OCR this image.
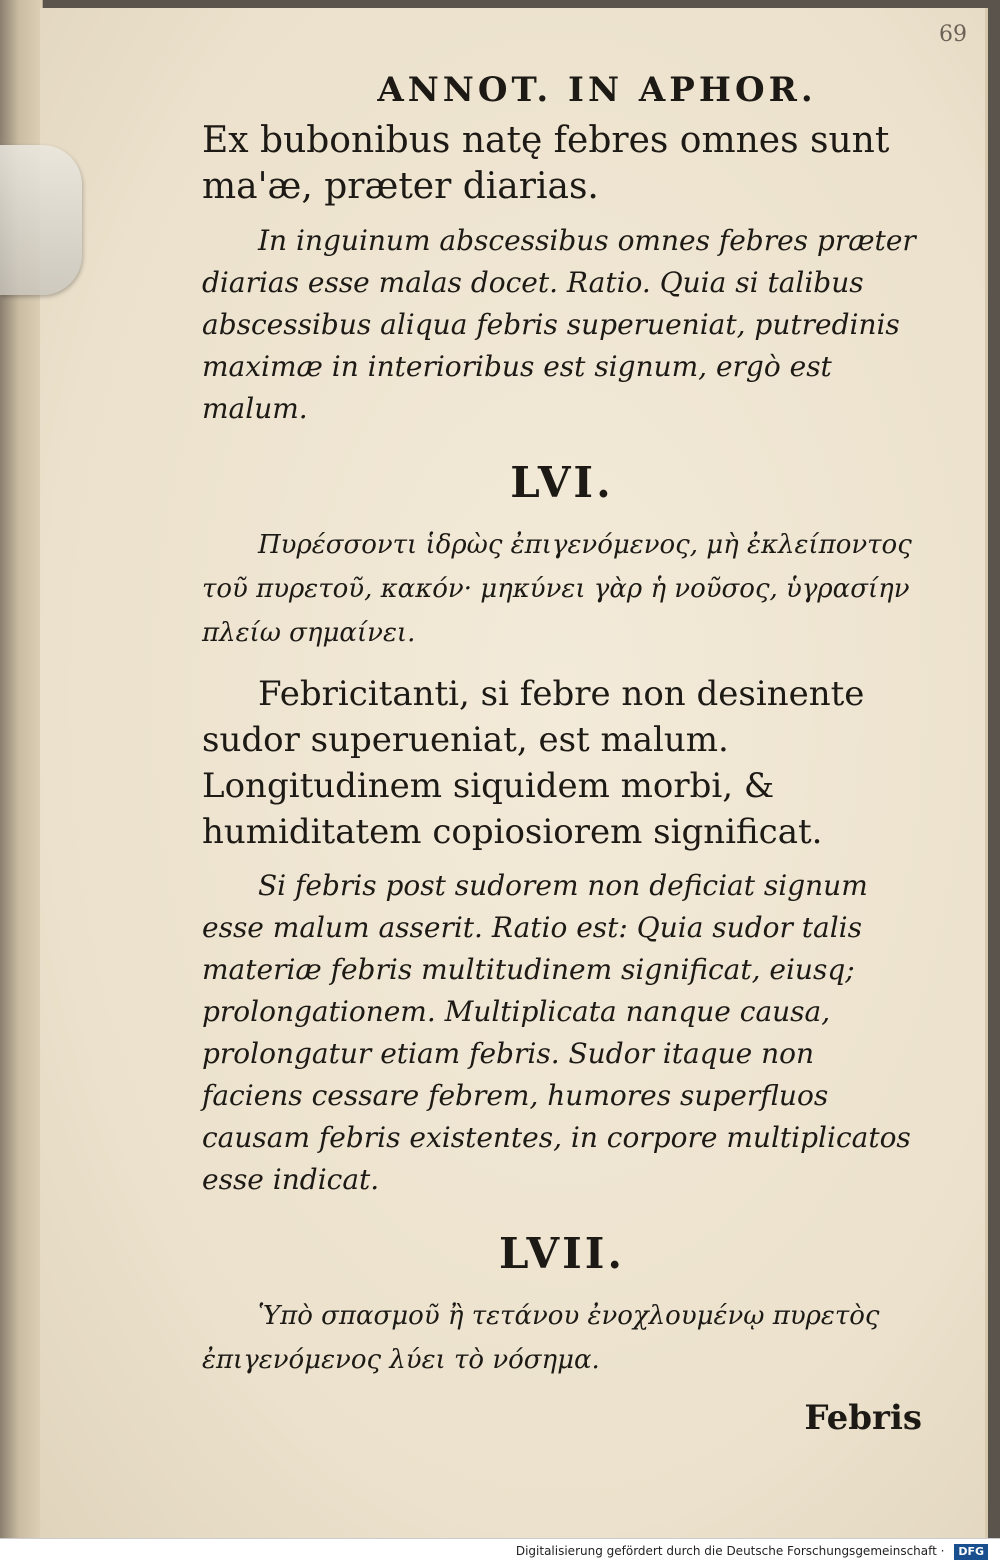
69
ANNOT. IN APHOR.

Ex bubonibus natę febres omnes sunt ma'æ, præter diarias.

In inguinum abscessibus omnes febres præter diarias esse malas docet. Ratio. Quia si talibus abscessibus aliqua febris superueniat, putredinis maximæ in interioribus est signum, ergò est malum.

LVI.

Πυρέσσοντι ἱδρὼς ἐπιγενόμενος, μὴ ἐκλείποντος τοῦ πυρετοῦ, κακόν· μηκύνει γὰρ ἡ νοῦσος, ὑγρασίην πλείω σημαίνει.

Febricitanti, si febre non desinente sudor superueniat, est malum. Longitudinem siquidem morbi, & humiditatem copiosiorem significat.

Si febris post sudorem non deficiat signum esse malum asserit. Ratio est: Quia sudor talis materiæ febris multitudinem significat, eiusq; prolongationem. Multiplicata nanque causa, prolongatur etiam febris. Sudor itaque non faciens cessare febrem, humores superfluos causam febris existentes, in corpore multiplicatos esse indicat.

LVII.

Ὑπὸ σπασμοῦ ἢ τετάνου ἐνοχλουμένῳ πυρετὸς ἐπιγενόμενος λύει τὸ νόσημα.

Febris
Digitalisierung gefördert durch die Deutsche Forschungsgemeinschaft · DFG
